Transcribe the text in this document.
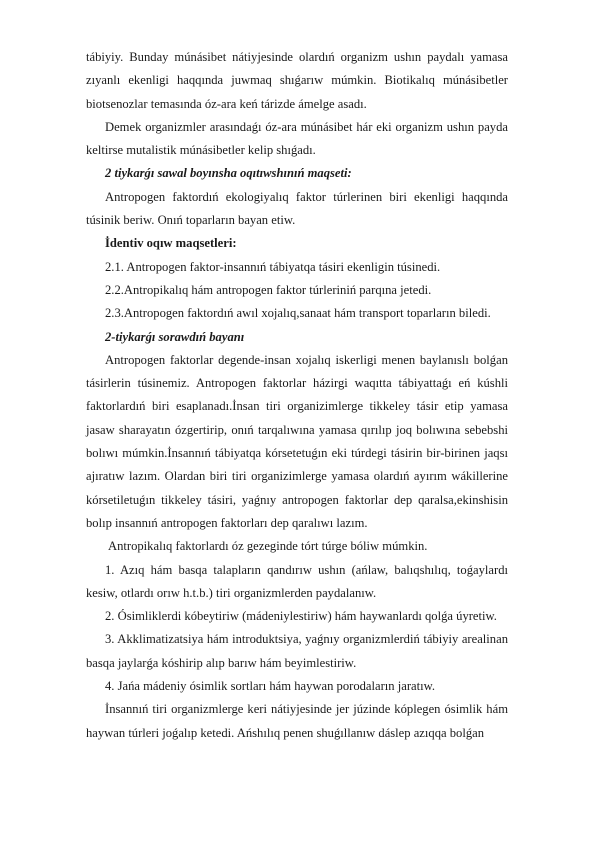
tábiyiy. Bunday múnásibet nátiyjesinde olardıń organizm ushın paydalı yamasa zıyanlı ekenligi haqqında juwmaq shıǵarıw múmkin. Biotikalıq múnásibetler biotsenozlar temasında óz-ara keń tárizde ámelge asadı.

Demek organizmler arasındaǵı óz-ara múnásibet hár eki organizm ushın payda keltirse mutalistik múnásibetler kelip shıǵadı.

2 tiykarǵı sawal boyınsha oqıtıwshınıń maqseti:

Antropogen faktordıń ekologiyalıq faktor túrlerinen biri ekenligi haqqında túsinik beriw. Onıń toparların bayan etiw.

İdentiv oqıw maqsetleri:

2.1. Antropogen faktor-insannıń tábiyatqa tásiri ekenligin túsinedi.

2.2.Antropikalıq hám antropogen faktor túrleriniń parqına jetedi.

2.3.Antropogen faktordıń awıl xojalıq,sanaat hám transport toparların biledi.

2-tiykarǵı sorawdıń bayanı

Antropogen faktorlar degende-insan xojalıq iskerligi menen baylanıslı bolǵan tásirlerin túsinemiz. Antropogen faktorlar házirgi waqıtta tábiyattaǵı eń kúshli faktorlardıń biri esaplanadı.İnsan tiri organizimlerge tikkeley tásir etip yamasa jasaw sharayatın ózgertirip, onıń tarqalıwına yamasa qırılıp joq bolıwına sebebshi bolıwı múmkin.İnsannıń tábiyatqa kórsetetuǵın eki túrdegi tásirin bir-birinen jaqsı ajıratıw lazım. Olardan biri tiri organizimlerge yamasa olardıń ayırım wákillerine kórsetiletuǵın tikkeley tásiri, yaǵnıy antropogen faktorlar dep qaralsa,ekinshisin bolıp insannıń antropogen faktorları dep qaralıwı lazım.

Antropikalıq faktorlardı óz gezeginde tórt túrge bóliw múmkin.

1. Azıq hám basqa talapların qandırıw ushın (ańlaw, balıqshılıq, toǵaylardı kesiw, otlardı orıw h.t.b.) tiri organizmlerden paydalanıw.

2. Ósimliklerdi kóbeytiriw (mádeniylestiriw) hám haywanlardı qolǵa úyretiw.

3. Akklimatizatsiya hám introduktsiya, yaǵnıy organizmlerdiń tábiyiy arealinan basqa jaylarǵa kóshirip alıp barıw hám beyimlestiriw.

4. Jańa mádeniy ósimlik sortları hám haywan porodaların jaratıw.

İnsannıń tiri organizmlerge keri nátiyjesinde jer júzinde kóplegen ósimlik hám haywan túrleri joǵalıp ketedi. Ańshılıq penen shuǵıllanıw dáslep azıqqa bolǵan
